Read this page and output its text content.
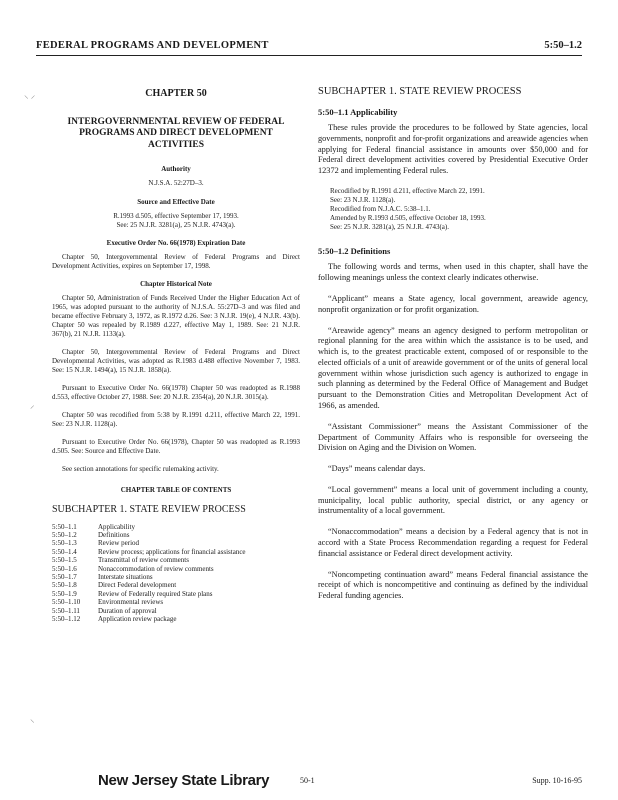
FEDERAL PROGRAMS AND DEVELOPMENT	5:50–1.2
⸜ ⸝	CHAPTER 50
INTERGOVERNMENTAL REVIEW OF FEDERAL PROGRAMS AND DIRECT DEVELOPMENT ACTIVITIES
Authority
N.J.S.A. 52:27D–3.
Source and Effective Date
R.1993 d.505, effective September 17, 1993.
See: 25 N.J.R. 3281(a), 25 N.J.R. 4743(a).
Executive Order No. 66(1978) Expiration Date
Chapter 50, Intergovernmental Review of Federal Programs and Direct Development Activities, expires on September 17, 1998.
Chapter Historical Note
Chapter 50, Administration of Funds Received Under the Higher Education Act of 1965, was adopted pursuant to the authority of N.J.S.A. 55:27D–3 and was filed and became effective February 3, 1972, as R.1972 d.26. See: 3 N.J.R. 19(e), 4 N.J.R. 43(b). Chapter 50 was repealed by R.1989 d.227, effective May 1, 1989. See: 21 N.J.R. 367(b), 21 N.J.R. 1133(a).
Chapter 50, Intergovernmental Review of Federal Programs and Direct Developmental Activities, was adopted as R.1983 d.488 effective November 7, 1983. See: 15 N.J.R. 1494(a), 15 N.J.R. 1858(a).
Pursuant to Executive Order No. 66(1978) Chapter 50 was readopted as R.1988 d.553, effective October 27, 1988. See: 20 N.J.R. 2354(a), 20 N.J.R. 3015(a).
Chapter 50 was recodified from 5:38 by R.1991 d.211, effective March 22, 1991. See: 23 N.J.R. 1128(a).
Pursuant to Executive Order No. 66(1978), Chapter 50 was readopted as R.1993 d.505. See: Source and Effective Date.
See section annotations for specific rulemaking activity.
CHAPTER TABLE OF CONTENTS
SUBCHAPTER 1. STATE REVIEW PROCESS
5:50–1.1	Applicability
5:50–1.2	Definitions
5:50–1.3	Review period
5:50–1.4	Review process; applications for financial assistance
5:50–1.5	Transmittal of review comments
5:50–1.6	Nonaccommodation of review comments
5:50–1.7	Interstate situations
5:50–1.8	Direct Federal development
5:50–1.9	Review of Federally required State plans
5:50–1.10	Environmental reviews
5:50–1.11	Duration of approval
5:50–1.12	Application review package
⸝
⸜
SUBCHAPTER 1. STATE REVIEW PROCESS
5:50–1.1 Applicability
These rules provide the procedures to be followed by State agencies, local governments, nonprofit and for-profit organizations and areawide agencies when applying for Federal financial assistance in amounts over $50,000 and for Federal direct development activities covered by Presidential Executive Order 12372 and implementing Federal rules.
Recodified by R.1991 d.211, effective March 22, 1991.
See: 23 N.J.R. 1128(a).
Recodified from N.J.A.C. 5:38–1.1.
Amended by R.1993 d.505, effective October 18, 1993.
See: 25 N.J.R. 3281(a), 25 N.J.R. 4743(a).
5:50–1.2 Definitions
The following words and terms, when used in this chapter, shall have the following meanings unless the context clearly indicates otherwise.
“Applicant” means a State agency, local government, areawide agency, nonprofit organization or for profit organization.
“Areawide agency” means an agency designed to perform metropolitan or regional planning for the area within which the assistance is to be used, and which is, to the greatest practicable extent, composed of or responsible to the elected officials of a unit of areawide government or of the units of general local government within whose jurisdiction such agency is authorized to engage in such planning as determined by the Federal Office of Management and Budget pursuant to the Demonstration Cities and Metropolitan Development Act of 1966, as amended.
“Assistant Commissioner” means the Assistant Commissioner of the Department of Community Affairs who is responsible for overseeing the Division on Aging and the Division on Women.
“Days” means calendar days.
“Local government” means a local unit of government including a county, municipality, local public authority, special district, or any agency or instrumentality of a local government.
“Nonaccommodation” means a decision by a Federal agency that is not in accord with a State Process Recommendation regarding a request for Federal financial assistance or Federal direct development activity.
“Noncompeting continuation award” means Federal financial assistance the receipt of which is noncompetitive and continuing as defined by the individual Federal funding agencies.
New Jersey State Library	50-1	Supp. 10-16-95
